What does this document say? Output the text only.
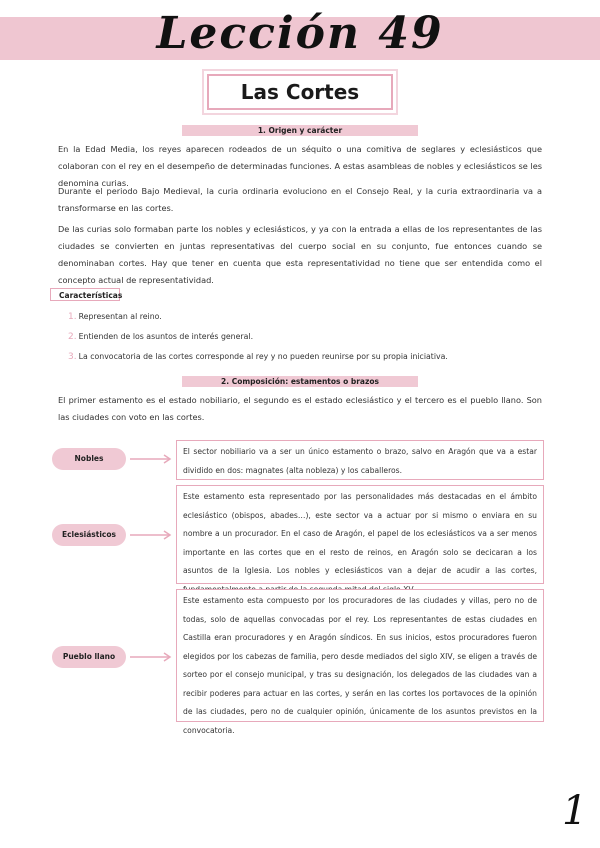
Lección 49
Las Cortes
1. Origen y carácter

En la Edad Media, los reyes aparecen rodeados de un séquito o una comitiva de seglares y eclesiásticos que colaboran con el rey en el desempeño de determinadas funciones. A estas asambleas de nobles y eclesiásticos se les denomina curias.

Durante el periodo Bajo Medieval, la curia ordinaria evoluciono en el Consejo Real, y la curia extraordinaria va a transformarse en las cortes.

De las curias solo formaban parte los nobles y eclesiásticos, y ya con la entrada a ellas de los representantes de las ciudades se convierten en juntas representativas del cuerpo social en su conjunto, fue entonces cuando se denominaban cortes. Hay que tener en cuenta que esta representatividad no tiene que ser entendida como el concepto actual de representatividad.

Características
1. Representan al reino.
2. Entienden de los asuntos de interés general.
3. La convocatoria de las cortes corresponde al rey y no pueden reunirse por su propia iniciativa.
2. Composición: estamentos o brazos

El primer estamento es el estado nobiliario, el segundo es el estado eclesiástico y el tercero es el pueblo llano. Son las ciudades con voto en las cortes.

Nobles
El sector nobiliario va a ser un único estamento o brazo, salvo en Aragón que va a estar dividido en dos: magnates (alta nobleza) y los caballeros.
Eclesiásticos
Este estamento esta representado por las personalidades más destacadas en el ámbito eclesiástico (obispos, abades…), este sector va a actuar por si mismo o enviara en su nombre a un procurador. En el caso de Aragón, el papel de los eclesiásticos va a ser menos importante en las cortes que en el resto de reinos, en Aragón solo se decicaran a los asuntos de la Iglesia. Los nobles y eclesiásticos van a dejar de acudir a las cortes,
Pueblo llano
Este estamento esta compuesto por los procuradores de las ciudades y villas, pero no de todas, solo de aquellas convocadas por el rey. Los representantes de estas ciudades en Castilla eran procuradores y en Aragón síndicos. En sus inicios, estos procuradores fueron elegidos por los cabezas de familia, pero desde mediados del siglo XIV, se eligen a través de sorteo por el consejo municipal, y tras su designación, los delegados de las ciudades van a recibir poderes para actuar en las cortes, y serán en las cortes los portavoces de la opinión de las ciudades, pero no de cualquier opinión, únicamente de los asuntos previstos en la convocatoria.
1
